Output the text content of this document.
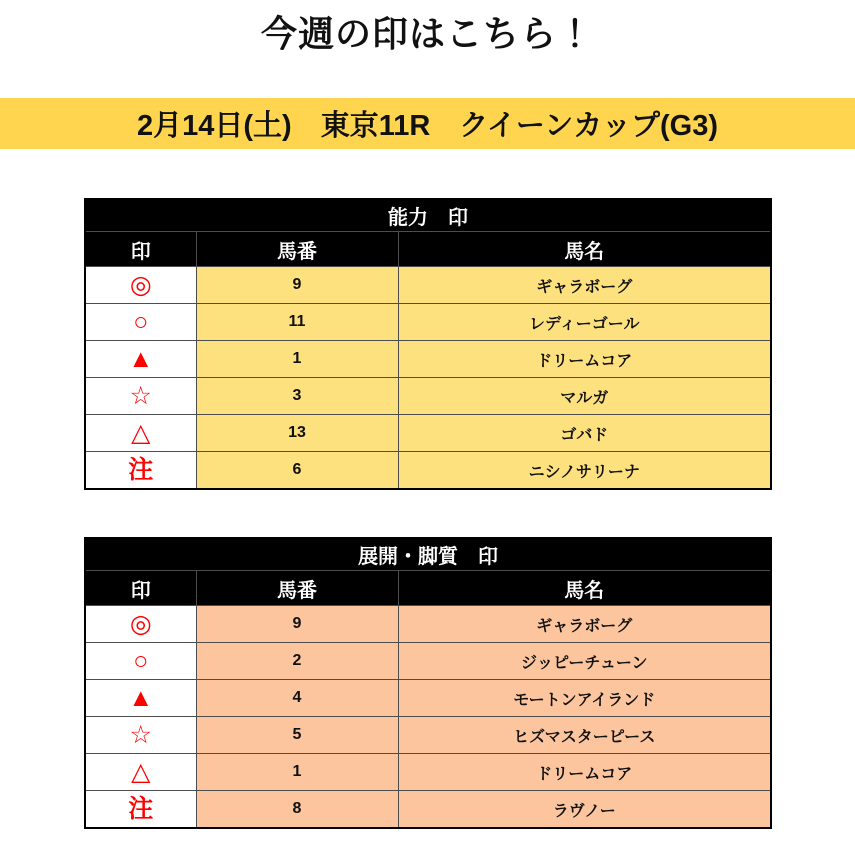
今週の印はこちら！
2月14日(土)　東京11R　クイーンカップ(G3)
能力　印		
印	馬番	馬名
◎	9	ギャラボーグ
○	11	レディーゴール
▲	1	ドリームコア
☆	3	マルガ
△	13	ゴバド
注	6	ニシノサリーナ
展開・脚質　印		
印	馬番	馬名
◎	9	ギャラボーグ
○	2	ジッピーチューン
▲	4	モートンアイランド
☆	5	ヒズマスターピース
△	1	ドリームコア
注	8	ラヴノー
